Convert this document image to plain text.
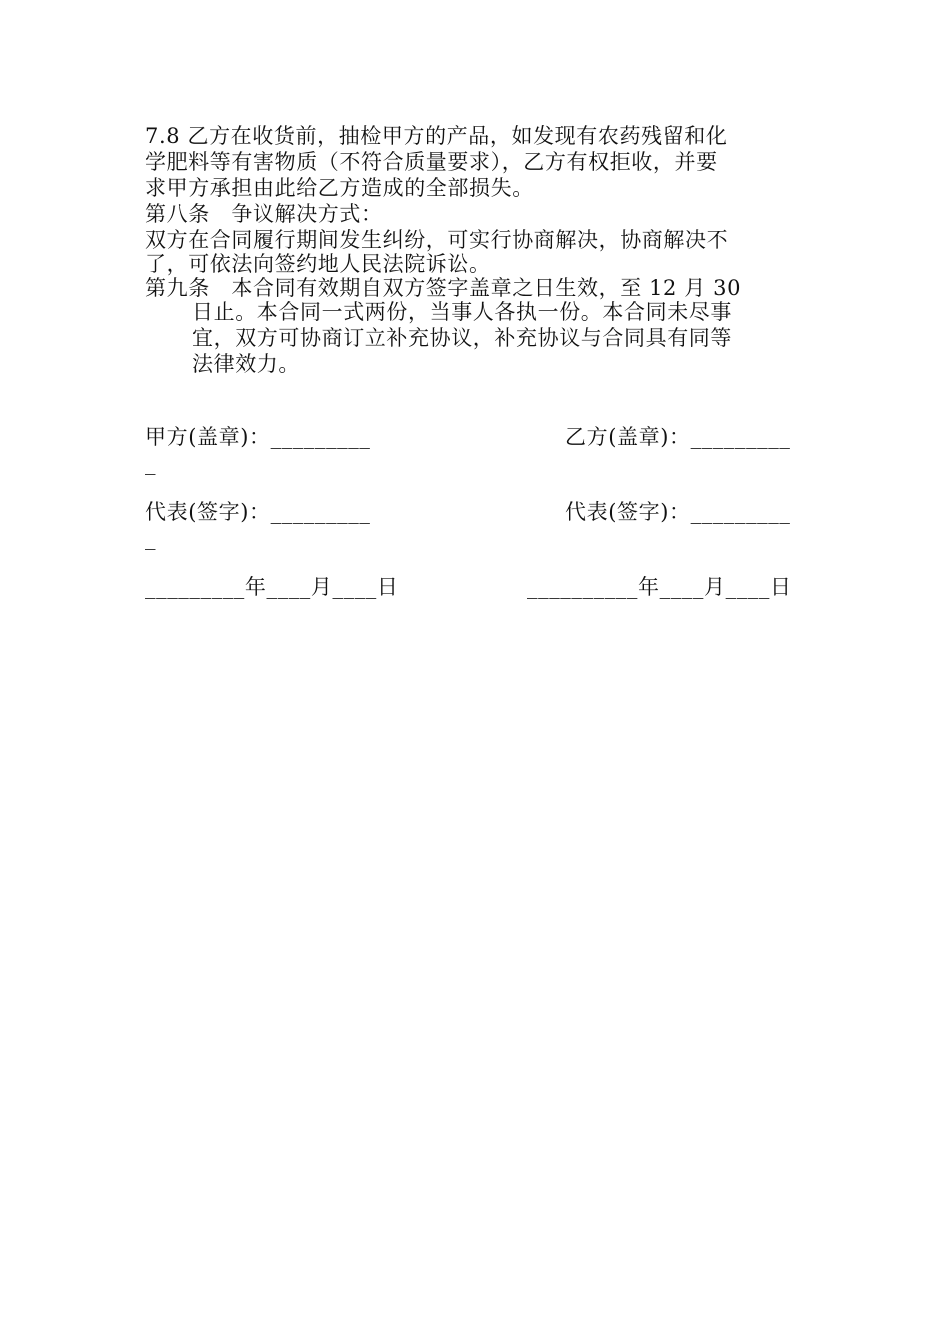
7.8 乙方在收货前，抽检甲方的产品，如发现有农药残留和化
学肥料等有害物质（不符合质量要求），乙方有权拒收，并要
求甲方承担由此给乙方造成的全部损失。
第八条　争议解决方式：
双方在合同履行期间发生纠纷，可实行协商解决，协商解决不
了，可依法向签约地人民法院诉讼。
第九条　本合同有效期自双方签字盖章之日生效，至 12 月 30
日止。本合同一式两份，当事人各执一份。本合同未尽事
宜，双方可协商订立补充协议，补充协议与合同具有同等
法律效力。
甲方(盖章)：_________
_
乙方(盖章)：_________
代表(签字)：_________
_
代表(签字)：_________
_________年____月____日	__________年____月____日
